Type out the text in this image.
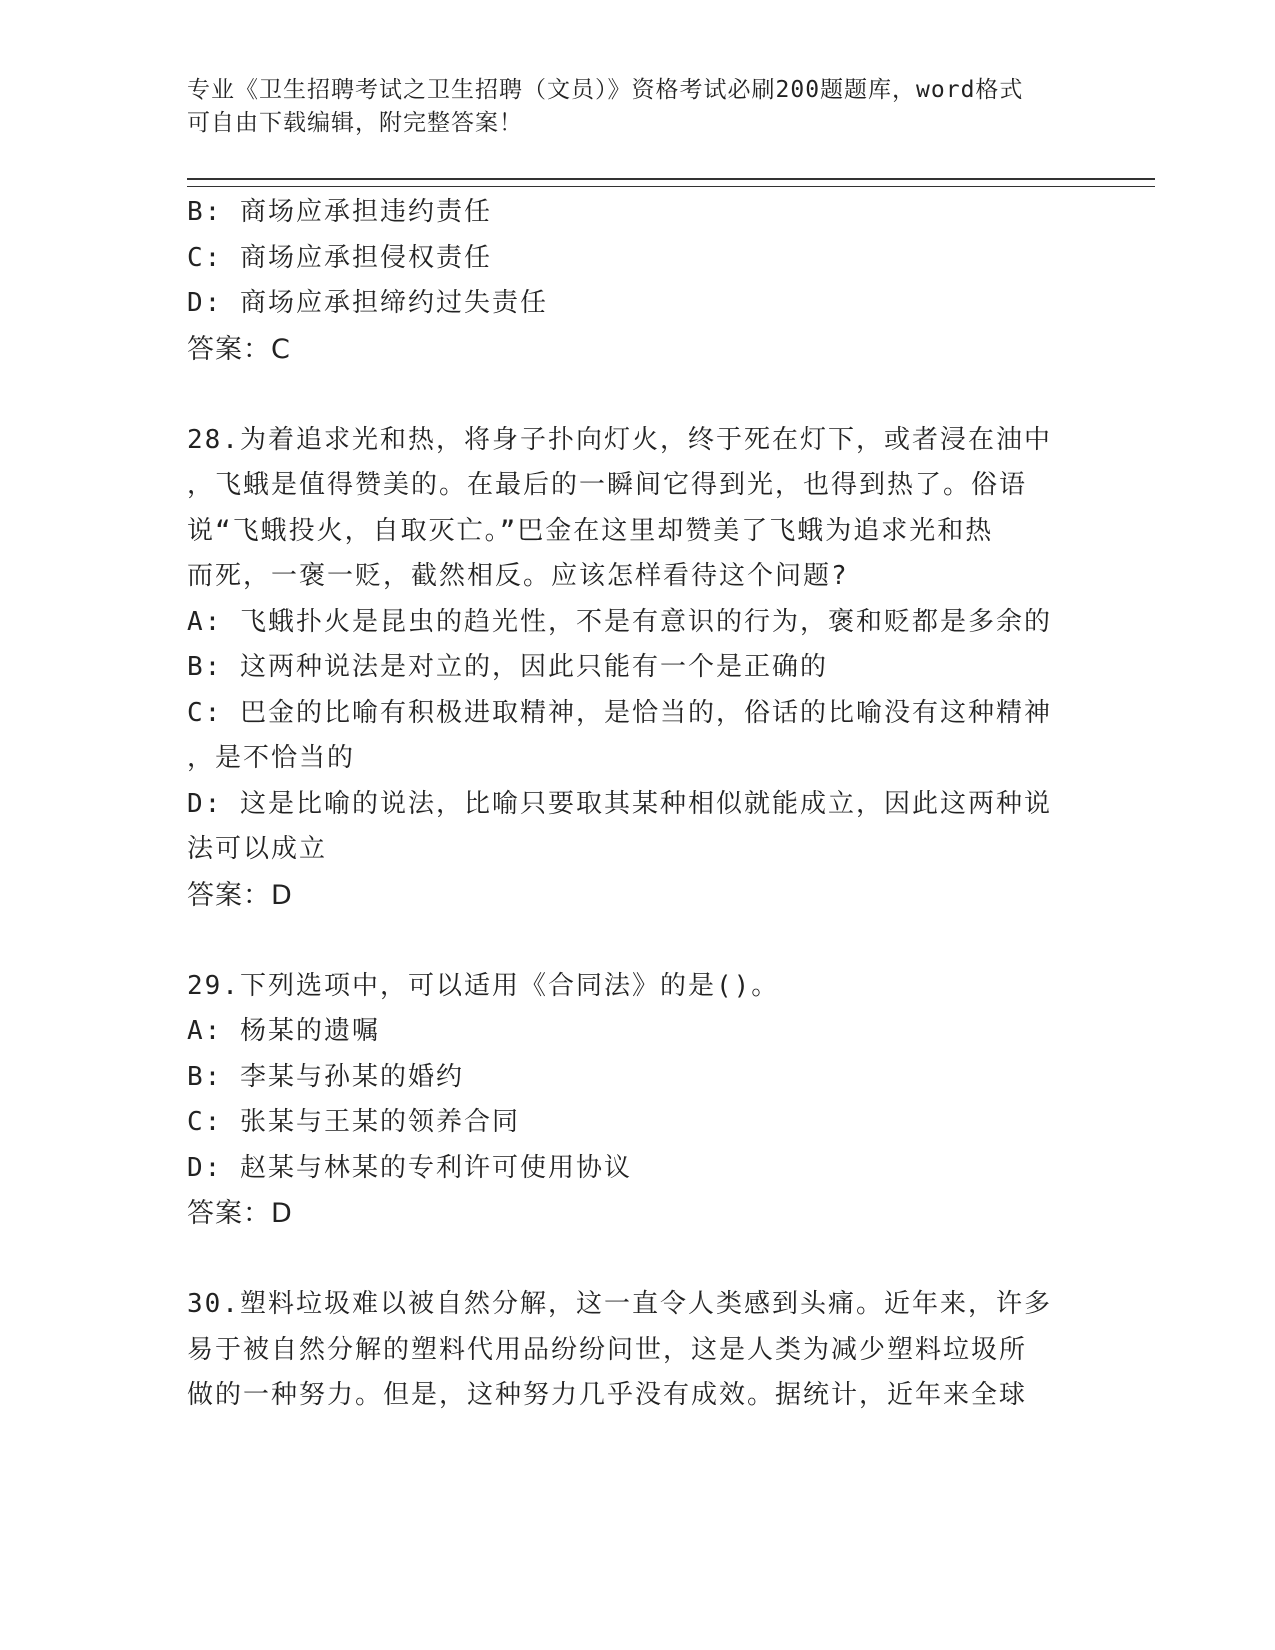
专业《卫生招聘考试之卫生招聘（文员）》资格考试必刷200题题库，word格式
可自由下载编辑，附完整答案！
B: 商场应承担违约责任
C: 商场应承担侵权责任
D: 商场应承担缔约过失责任
答案：C
28.为着追求光和热，将身子扑向灯火，终于死在灯下，或者浸在油中
，飞蛾是值得赞美的。在最后的一瞬间它得到光，也得到热了。俗语
说“飞蛾投火，自取灭亡。”巴金在这里却赞美了飞蛾为追求光和热
而死，一褒一贬，截然相反。应该怎样看待这个问题?
A: 飞蛾扑火是昆虫的趋光性，不是有意识的行为，褒和贬都是多余的
B: 这两种说法是对立的，因此只能有一个是正确的
C: 巴金的比喻有积极进取精神，是恰当的，俗话的比喻没有这种精神
，是不恰当的
D: 这是比喻的说法，比喻只要取其某种相似就能成立，因此这两种说
法可以成立
答案：D
29.下列选项中，可以适用《合同法》的是()。
A: 杨某的遗嘱
B: 李某与孙某的婚约
C: 张某与王某的领养合同
D: 赵某与林某的专利许可使用协议
答案：D
30.塑料垃圾难以被自然分解，这一直令人类感到头痛。近年来，许多
易于被自然分解的塑料代用品纷纷问世，这是人类为减少塑料垃圾所
做的一种努力。但是，这种努力几乎没有成效。据统计，近年来全球
